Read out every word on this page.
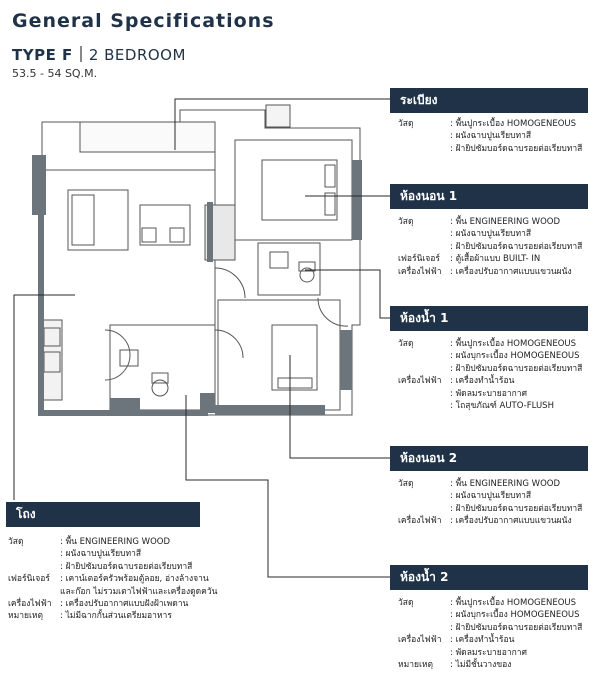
General Specifications
TYPE F 2 BEDROOM
53.5 - 54 SQ.M.
ระเบียง
วัสดุ	: พื้นปูกระเบื้อง HOMOGENEOUS
: ผนังฉาบปูนเรียบทาสี
: ฝ้ายิปซัมบอร์ดฉาบรอยต่อเรียบทาสี
ห้องนอน 1
วัสดุ	: พื้น ENGINEERING WOOD
: ผนังฉาบปูนเรียบทาสี
: ฝ้ายิปซัมบอร์ดฉาบรอยต่อเรียบทาสี
เฟอร์นิเจอร์ : ตู้เสื้อผ้าแบบ BUILT- IN
เครื่องไฟฟ้า : เครื่องปรับอากาศแบบแขวนผนัง
ห้องน้ำ 1
วัสดุ	: พื้นปูกระเบื้อง HOMOGENEOUS
: ผนังบุกระเบื้อง HOMOGENEOUS
: ฝ้ายิปซัมบอร์ดฉาบรอยต่อเรียบทาสี
เครื่องไฟฟ้า : เครื่องทำน้ำร้อน
: พัดลมระบายอากาศ
: โถสุขภัณฑ์ AUTO-FLUSH
ห้องนอน 2
วัสดุ	: พื้น ENGINEERING WOOD
: ผนังฉาบปูนเรียบทาสี
: ฝ้ายิปซัมบอร์ดฉาบรอยต่อเรียบทาสี
เครื่องไฟฟ้า : เครื่องปรับอากาศแบบแขวนผนัง
ห้องน้ำ 2
วัสดุ	: พื้นปูกระเบื้อง HOMOGENEOUS
: ผนังบุกระเบื้อง HOMOGENEOUS
: ฝ้ายิปซัมบอร์ดฉาบรอยต่อเรียบทาสี
เครื่องไฟฟ้า : เครื่องทำน้ำร้อน
: พัดลมระบายอากาศ
หมายเหตุ : ไม่มีชั้นวางของ
โถง
วัสดุ	: พื้น ENGINEERING WOOD
: ผนังฉาบปูนเรียบทาสี
: ฝ้ายิปซัมบอร์ดฉาบรอยต่อเรียบทาสี
เฟอร์นิเจอร์ : เคาน์เตอร์ครัวพร้อมตู้ลอย, อ่างล้างจาน
และก๊อก ไม่รวมเตาไฟฟ้าและเครื่องดูดควัน
เครื่องไฟฟ้า : เครื่องปรับอากาศแบบฝังฝ้าเพดาน
หมายเหตุ : ไม่มีฉากกั้นส่วนเตรียมอาหาร
